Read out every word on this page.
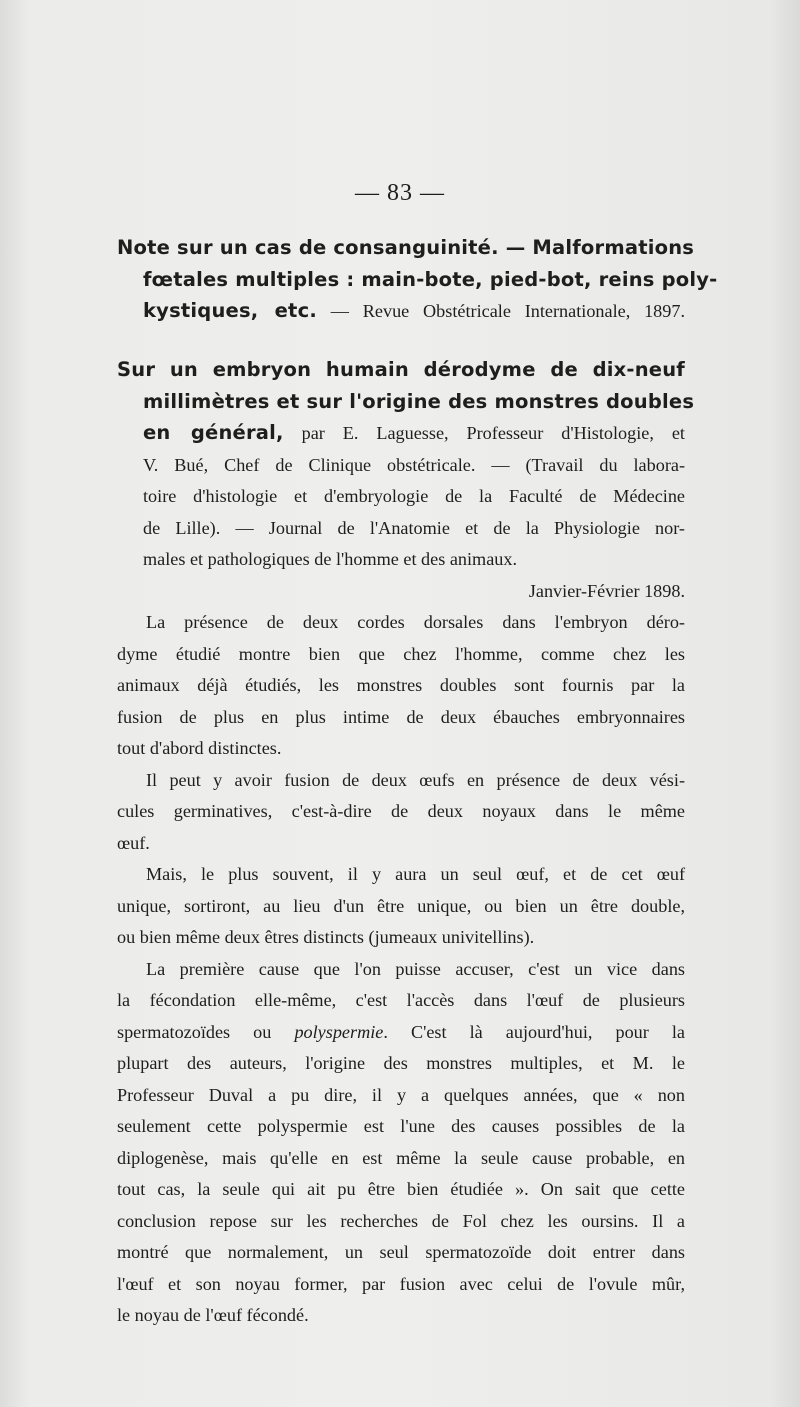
— 83 —
Note sur un cas de consanguinité. — Malformations
fœtales multiples : main-bote, pied-bot, reins poly-
kystiques, etc. — Revue Obstétricale Internationale, 1897.
Sur un embryon humain dérodyme de dix-neuf
millimètres et sur l'origine des monstres doubles
en général, par E. Laguesse, Professeur d'Histologie, et
V. Bué, Chef de Clinique obstétricale. — (Travail du labora-
toire d'histologie et d'embryologie de la Faculté de Médecine
de Lille). — Journal de l'Anatomie et de la Physiologie nor-
males et pathologiques de l'homme et des animaux.
Janvier-Février 1898.
La présence de deux cordes dorsales dans l'embryon déro-
dyme étudié montre bien que chez l'homme, comme chez les
animaux déjà étudiés, les monstres doubles sont fournis par la
fusion de plus en plus intime de deux ébauches embryonnaires
tout d'abord distinctes.
Il peut y avoir fusion de deux œufs en présence de deux vési-
cules germinatives, c'est-à-dire de deux noyaux dans le même
œuf.
Mais, le plus souvent, il y aura un seul œuf, et de cet œuf
unique, sortiront, au lieu d'un être unique, ou bien un être double,
ou bien même deux êtres distincts (jumeaux univitellins).
La première cause que l'on puisse accuser, c'est un vice dans
la fécondation elle-même, c'est l'accès dans l'œuf de plusieurs
spermatozoïdes ou polyspermie. C'est là aujourd'hui, pour la
plupart des auteurs, l'origine des monstres multiples, et M. le
Professeur Duval a pu dire, il y a quelques années, que « non
seulement cette polyspermie est l'une des causes possibles de la
diplogenèse, mais qu'elle en est même la seule cause probable, en
tout cas, la seule qui ait pu être bien étudiée ». On sait que cette
conclusion repose sur les recherches de Fol chez les oursins. Il a
montré que normalement, un seul spermatozoïde doit entrer dans
l'œuf et son noyau former, par fusion avec celui de l'ovule mûr,
le noyau de l'œuf fécondé.
